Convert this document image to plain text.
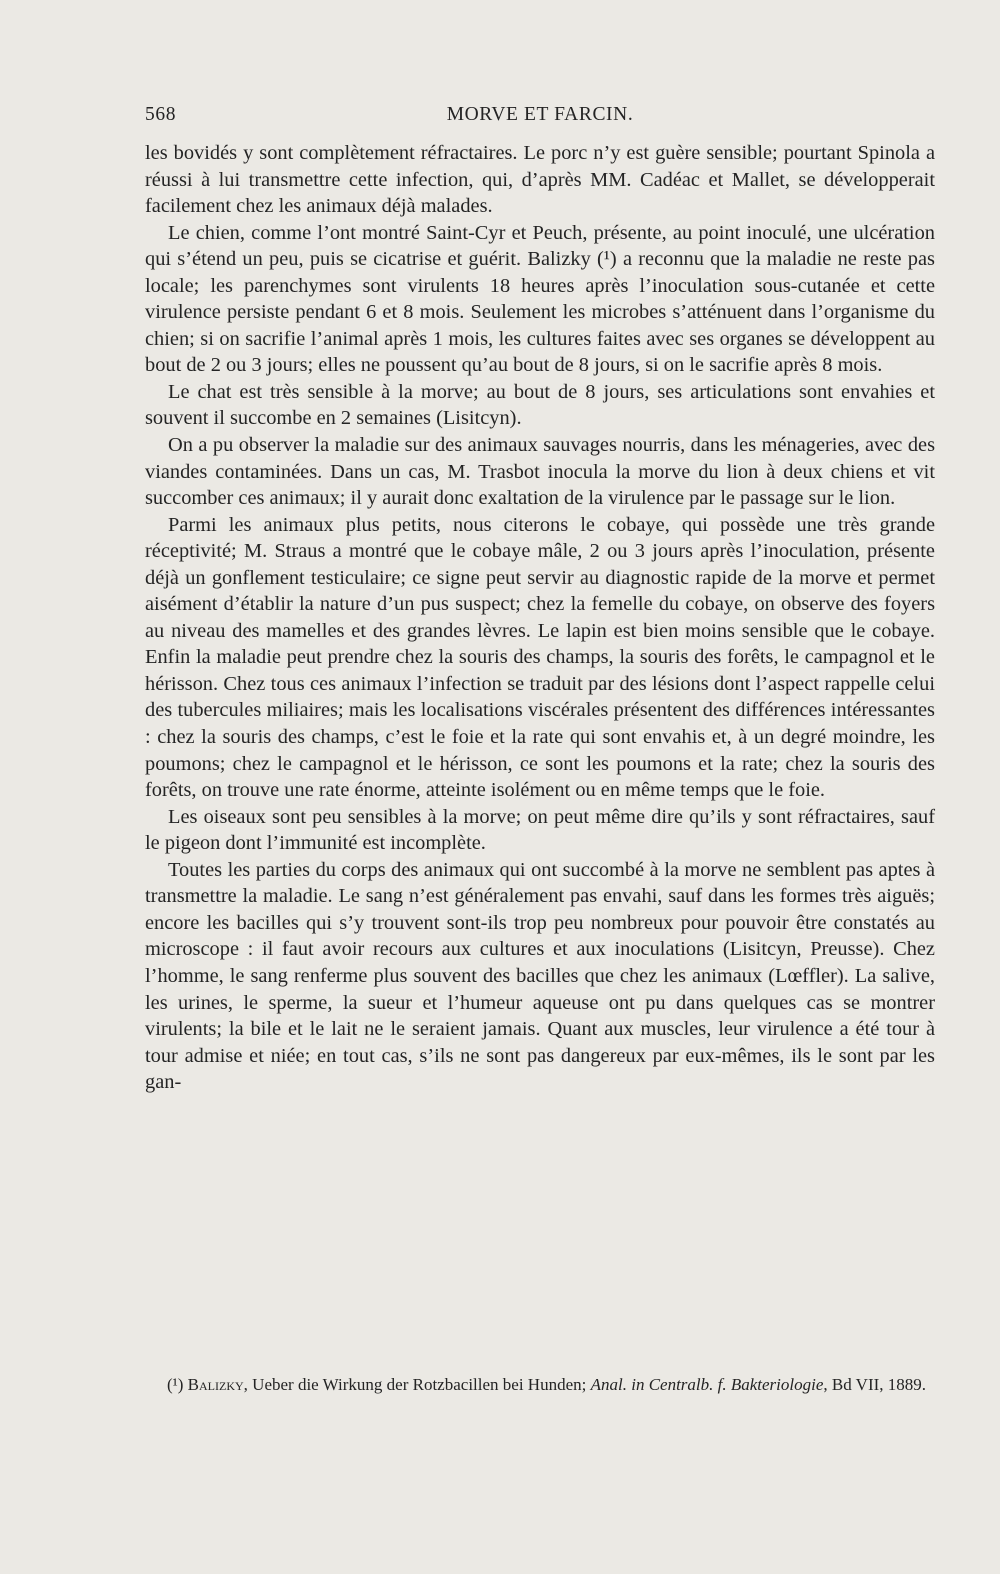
568	MORVE ET FARCIN.

les bovidés y sont complètement réfractaires. Le porc n’y est guère sensible; pourtant Spinola a réussi à lui transmettre cette infection, qui, d’après MM. Cadéac et Mallet, se développerait facilement chez les animaux déjà malades.

Le chien, comme l’ont montré Saint-Cyr et Peuch, présente, au point inoculé, une ulcération qui s’étend un peu, puis se cicatrise et guérit. Balizky (¹) a reconnu que la maladie ne reste pas locale; les parenchymes sont virulents 18 heures après l’inoculation sous-cutanée et cette virulence persiste pendant 6 et 8 mois. Seulement les microbes s’atténuent dans l’organisme du chien; si on sacrifie l’animal après 1 mois, les cultures faites avec ses organes se développent au bout de 2 ou 3 jours; elles ne poussent qu’au bout de 8 jours, si on le sacrifie après 8 mois.

Le chat est très sensible à la morve; au bout de 8 jours, ses articulations sont envahies et souvent il succombe en 2 semaines (Lisitcyn).

On a pu observer la maladie sur des animaux sauvages nourris, dans les ménageries, avec des viandes contaminées. Dans un cas, M. Trasbot inocula la morve du lion à deux chiens et vit succomber ces animaux; il y aurait donc exaltation de la virulence par le passage sur le lion.

Parmi les animaux plus petits, nous citerons le cobaye, qui possède une très grande réceptivité; M. Straus a montré que le cobaye mâle, 2 ou 3 jours après l’inoculation, présente déjà un gonflement testiculaire; ce signe peut servir au diagnostic rapide de la morve et permet aisément d’établir la nature d’un pus suspect; chez la femelle du cobaye, on observe des foyers au niveau des mamelles et des grandes lèvres. Le lapin est bien moins sensible que le cobaye. Enfin la maladie peut prendre chez la souris des champs, la souris des forêts, le campagnol et le hérisson. Chez tous ces animaux l’infection se traduit par des lésions dont l’aspect rappelle celui des tubercules miliaires; mais les localisations viscérales présentent des différences intéressantes : chez la souris des champs, c’est le foie et la rate qui sont envahis et, à un degré moindre, les poumons; chez le campagnol et le hérisson, ce sont les poumons et la rate; chez la souris des forêts, on trouve une rate énorme, atteinte isolément ou en même temps que le foie.

Les oiseaux sont peu sensibles à la morve; on peut même dire qu’ils y sont réfractaires, sauf le pigeon dont l’immunité est incomplète.

Toutes les parties du corps des animaux qui ont succombé à la morve ne semblent pas aptes à transmettre la maladie. Le sang n’est généralement pas envahi, sauf dans les formes très aiguës; encore les bacilles qui s’y trouvent sont-ils trop peu nombreux pour pouvoir être constatés au microscope : il faut avoir recours aux cultures et aux inoculations (Lisitcyn, Preusse). Chez l’homme, le sang renferme plus souvent des bacilles que chez les animaux (Lœffler). La salive, les urines, le sperme, la sueur et l’humeur aqueuse ont pu dans quelques cas se montrer virulents; la bile et le lait ne le seraient jamais. Quant aux muscles, leur virulence a été tour à tour admise et niée; en tout cas, s’ils ne sont pas dangereux par eux-mêmes, ils le sont par les gan-

(¹) Balizky, Ueber die Wirkung der Rotzbacillen bei Hunden; Anal. in Centralb. f. Bakteriologie, Bd VII, 1889.
